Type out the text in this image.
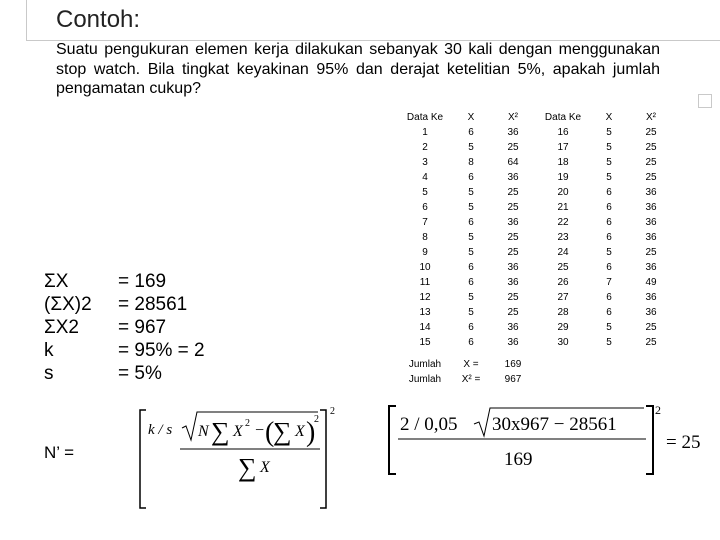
Contoh:
Suatu pengukuran elemen kerja dilakukan sebanyak 30 kali dengan menggunakan stop watch. Bila tingkat keyakinan 95% dan derajat ketelitian 5%, apakah jumlah pengamatan cukup?
ΣX	= 169
(ΣX)2	= 28561
ΣX2	= 967
k	= 95% = 2
s	= 5%
N’ =
k / s N ∑ X 2 − (
∑ X )
2
∑ X
2
2 / 0,05 30x967 − 28561
169
2
= 25
Data Ke	X	X²	Data Ke	X	X²
1	6	36	16	5	25
2	5	25	17	5	25
3	8	64	18	5	25
4	6	36	19	5	25
5	5	25	20	6	36
6	5	25	21	6	36
7	6	36	22	6	36
8	5	25	23	6	36
9	5	25	24	5	25
10	6	36	25	6	36
11	6	36	26	7	49
12	5	25	27	6	36
13	5	25	28	6	36
14	6	36	29	5	25
15	6	36	30	5	25

Jumlah	X =	169			
Jumlah	X² =	967			
